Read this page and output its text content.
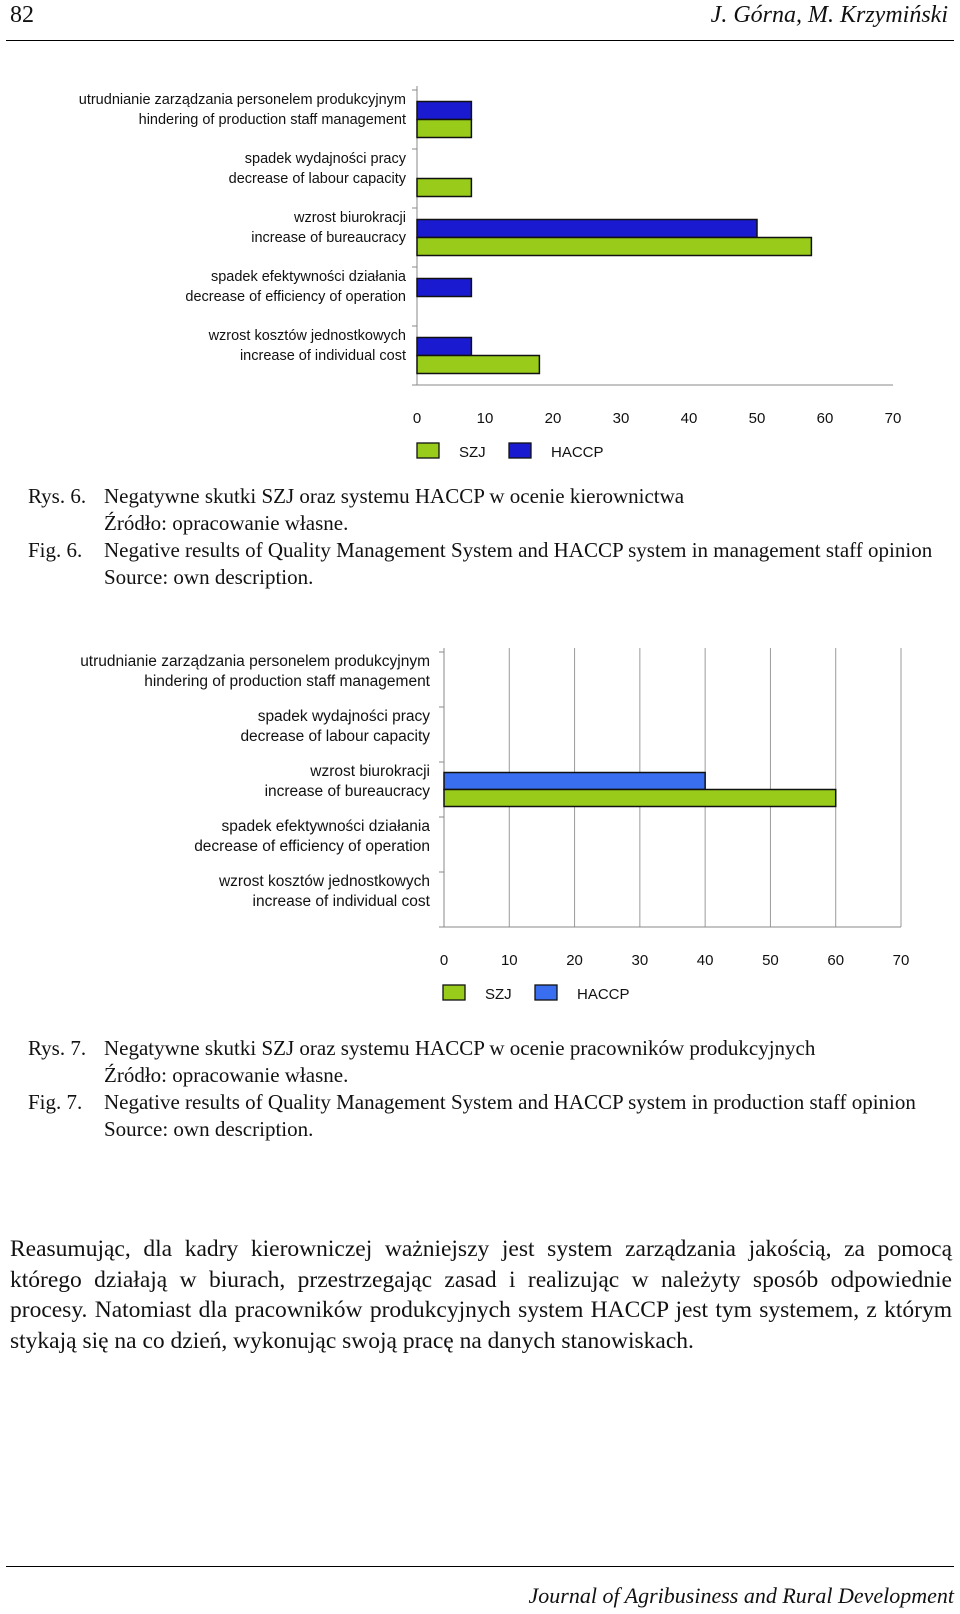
82	J. Górna, M. Krzymiński
utrudnianie zarządzania personelem produkcyjnym
hindering of production staff management
spadek wydajności pracy
decrease of labour capacity
wzrost biurokracji
increase of bureaucracy
spadek efektywności działania
decrease of efficiency of operation
wzrost kosztów jednostkowych
increase of individual cost
0	10	20	30	40	50	60	70
SZJ	HACCP
Rys. 6. Negatywne skutki SZJ oraz systemu HACCP w ocenie kierownictwa
Źródło: opracowanie własne.
Fig. 6.	Negative results of Quality Management System and HACCP system in management staff opinion
Source: own description.
utrudnianie zarządzania personelem produkcyjnym
hindering of production staff management
spadek wydajności pracy
decrease of labour capacity
wzrost biurokracji
increase of bureaucracy
spadek efektywności działania
decrease of efficiency of operation
wzrost kosztów jednostkowych
increase of individual cost
0	10	20	30	40	50	60	70
SZJ	HACCP
Rys. 7. Negatywne skutki SZJ oraz systemu HACCP w ocenie pracowników produkcyjnych
Źródło: opracowanie własne.
Fig. 7.	Negative results of Quality Management System and HACCP system in production staff opinion
Source: own description.

Reasumując, dla kadry kierowniczej ważniejszy jest system zarządzania jakością, za pomocą którego działają w biurach, przestrzegając zasad i realizując w należyty sposób odpowiednie procesy. Natomiast dla pracowników produkcyjnych system HACCP jest tym systemem, z którym stykają się na co dzień, wykonując swoją pracę na danych stanowiskach.

Journal of Agribusiness and Rural Development
